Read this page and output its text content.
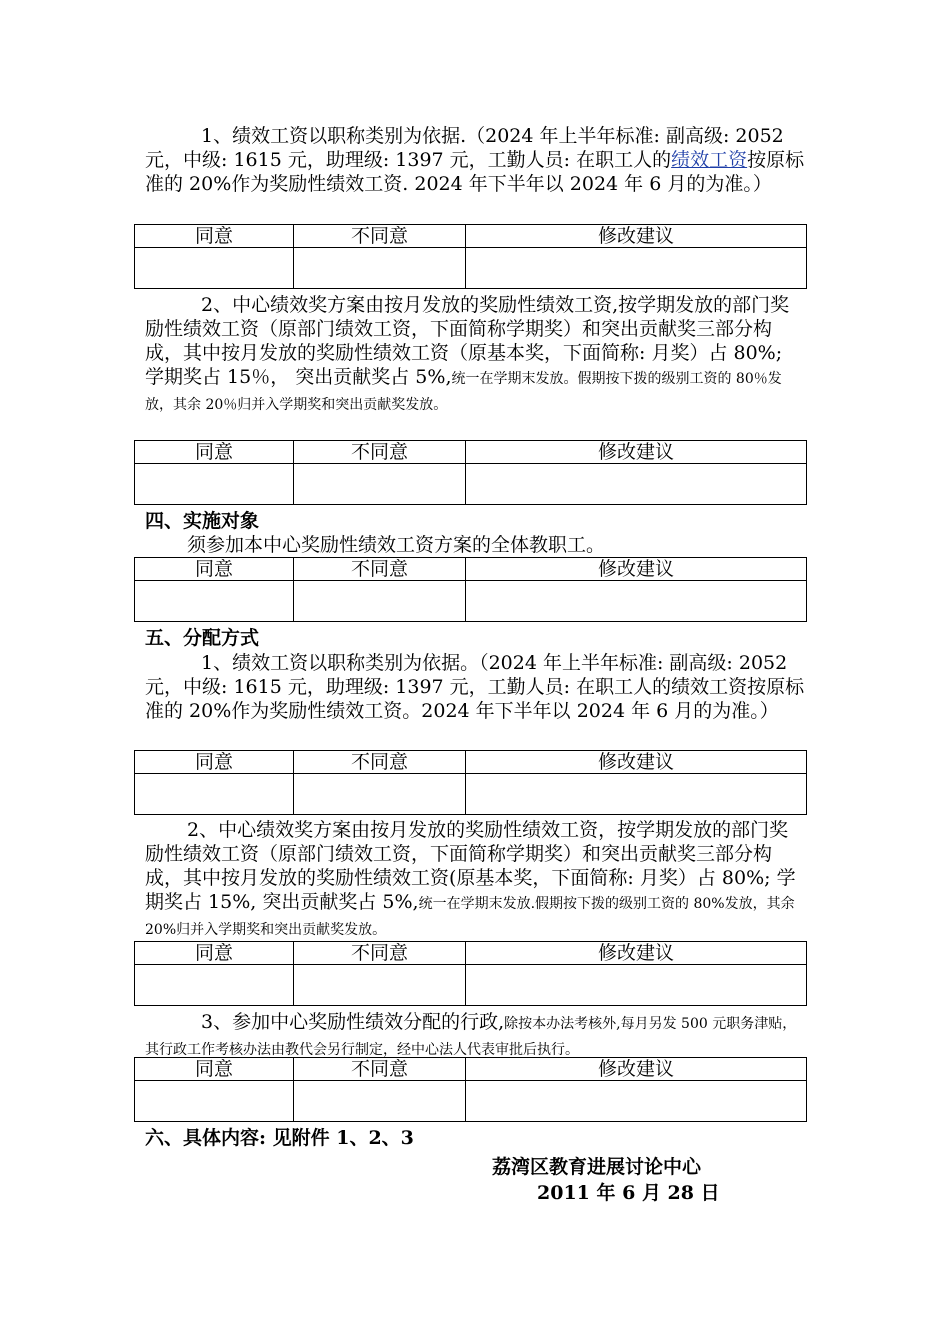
1、绩效工资以职称类别为依据.（2024 年上半年标准: 副高级: 2052 元，中级: 1615 元，助理级: 1397 元，工勤人员: 在职工人的绩效工资按原标准的 20%作为奖励性绩效工资. 2024 年下半年以 2024 年 6 月的为准。）

同意	不同意	修改建议

2、中心绩效奖方案由按月发放的奖励性绩效工资,按学期发放的部门奖励性绩效工资（原部门绩效工资，下面简称学期奖）和突出贡献奖三部分构成，其中按月发放的奖励性绩效工资（原基本奖，下面简称: 月奖）占 80%; 学期奖占 15％， 突出贡献奖占 5%,统一在学期末发放。假期按下拨的级别工资的 80％发放，其余 20％归并入学期奖和突出贡献奖发放。

同意	不同意	修改建议

四、实施对象

须参加本中心奖励性绩效工资方案的全体教职工。

同意	不同意	修改建议

五、分配方式

1、绩效工资以职称类别为依据。（2024 年上半年标准: 副高级: 2052 元，中级: 1615 元，助理级: 1397 元，工勤人员: 在职工人的绩效工资按原标准的 20%作为奖励性绩效工资。2024 年下半年以 2024 年 6 月的为准。）

同意	不同意	修改建议

2、中心绩效奖方案由按月发放的奖励性绩效工资，按学期发放的部门奖励性绩效工资（原部门绩效工资，下面简称学期奖）和突出贡献奖三部分构成，其中按月发放的奖励性绩效工资(原基本奖，下面简称: 月奖）占 80%; 学期奖占 15%, 突出贡献奖占 5%,统一在学期末发放.假期按下拨的级别工资的 80%发放，其余 20%归并入学期奖和突出贡献奖发放。

同意	不同意	修改建议

3、参加中心奖励性绩效分配的行政,除按本办法考核外,每月另发 500 元职务津贴，其行政工作考核办法由教代会另行制定，经中心法人代表审批后执行。

同意	不同意	修改建议

六、具体内容: 见附件 1、2、3

荔湾区教育进展讨论中心

2011 年 6 月 28 日
